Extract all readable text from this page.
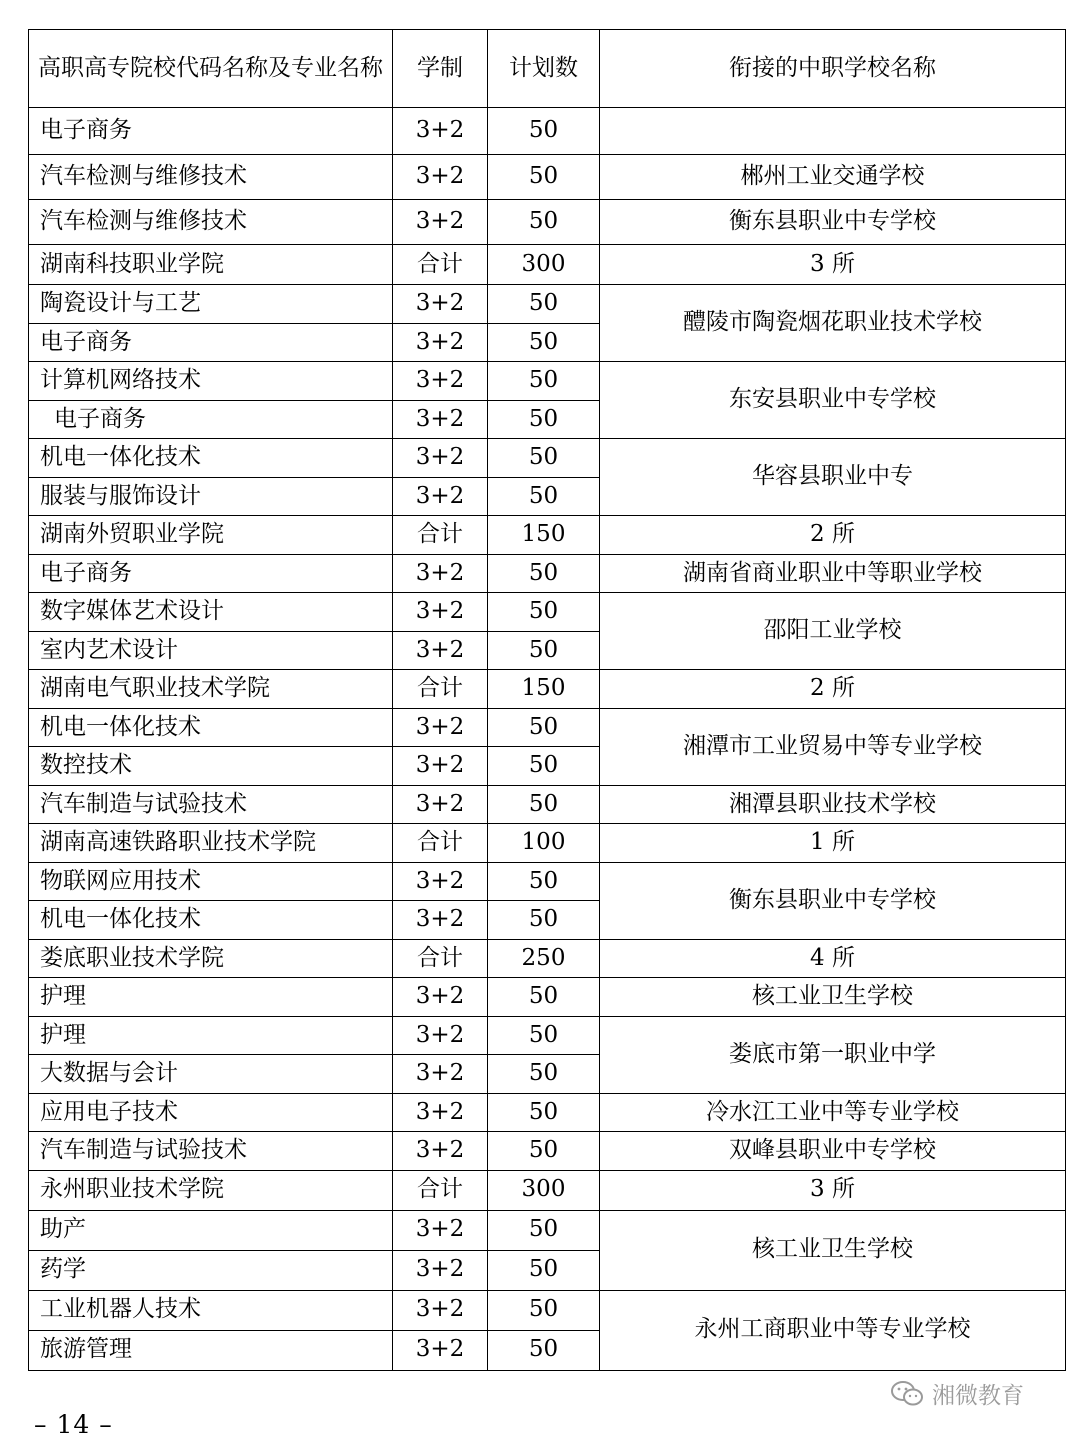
高职高专院校代码名称及专业名称	学制	计划数	衔接的中职学校名称
电子商务	3+2	50	
汽车检测与维修技术	3+2	50	郴州工业交通学校
汽车检测与维修技术	3+2	50	衡东县职业中专学校
湖南科技职业学院	合计	300	3 所
陶瓷设计与工艺	3+2	50	醴陵市陶瓷烟花职业技术学校
电子商务	3+2	50	
计算机网络技术	3+2	50	东安县职业中专学校
电子商务	3+2	50	
机电一体化技术	3+2	50	华容县职业中专
服装与服饰设计	3+2	50	
湖南外贸职业学院	合计	150	2 所
电子商务	3+2	50	湖南省商业职业中等职业学校
数字媒体艺术设计	3+2	50	邵阳工业学校
室内艺术设计	3+2	50	
湖南电气职业技术学院	合计	150	2 所
机电一体化技术	3+2	50	湘潭市工业贸易中等专业学校
数控技术	3+2	50	
汽车制造与试验技术	3+2	50	湘潭县职业技术学校
湖南高速铁路职业技术学院	合计	100	1 所
物联网应用技术	3+2	50	衡东县职业中专学校
机电一体化技术	3+2	50	
娄底职业技术学院	合计	250	4 所
护理	3+2	50	核工业卫生学校
护理	3+2	50	娄底市第一职业中学
大数据与会计	3+2	50	
应用电子技术	3+2	50	冷水江工业中等专业学校
汽车制造与试验技术	3+2	50	双峰县职业中专学校
永州职业技术学院	合计	300	3 所
助产	3+2	50	核工业卫生学校
药学	3+2	50	
工业机器人技术	3+2	50	永州工商职业中等专业学校
旅游管理	3+2	50	
湘微教育
– 14 –
